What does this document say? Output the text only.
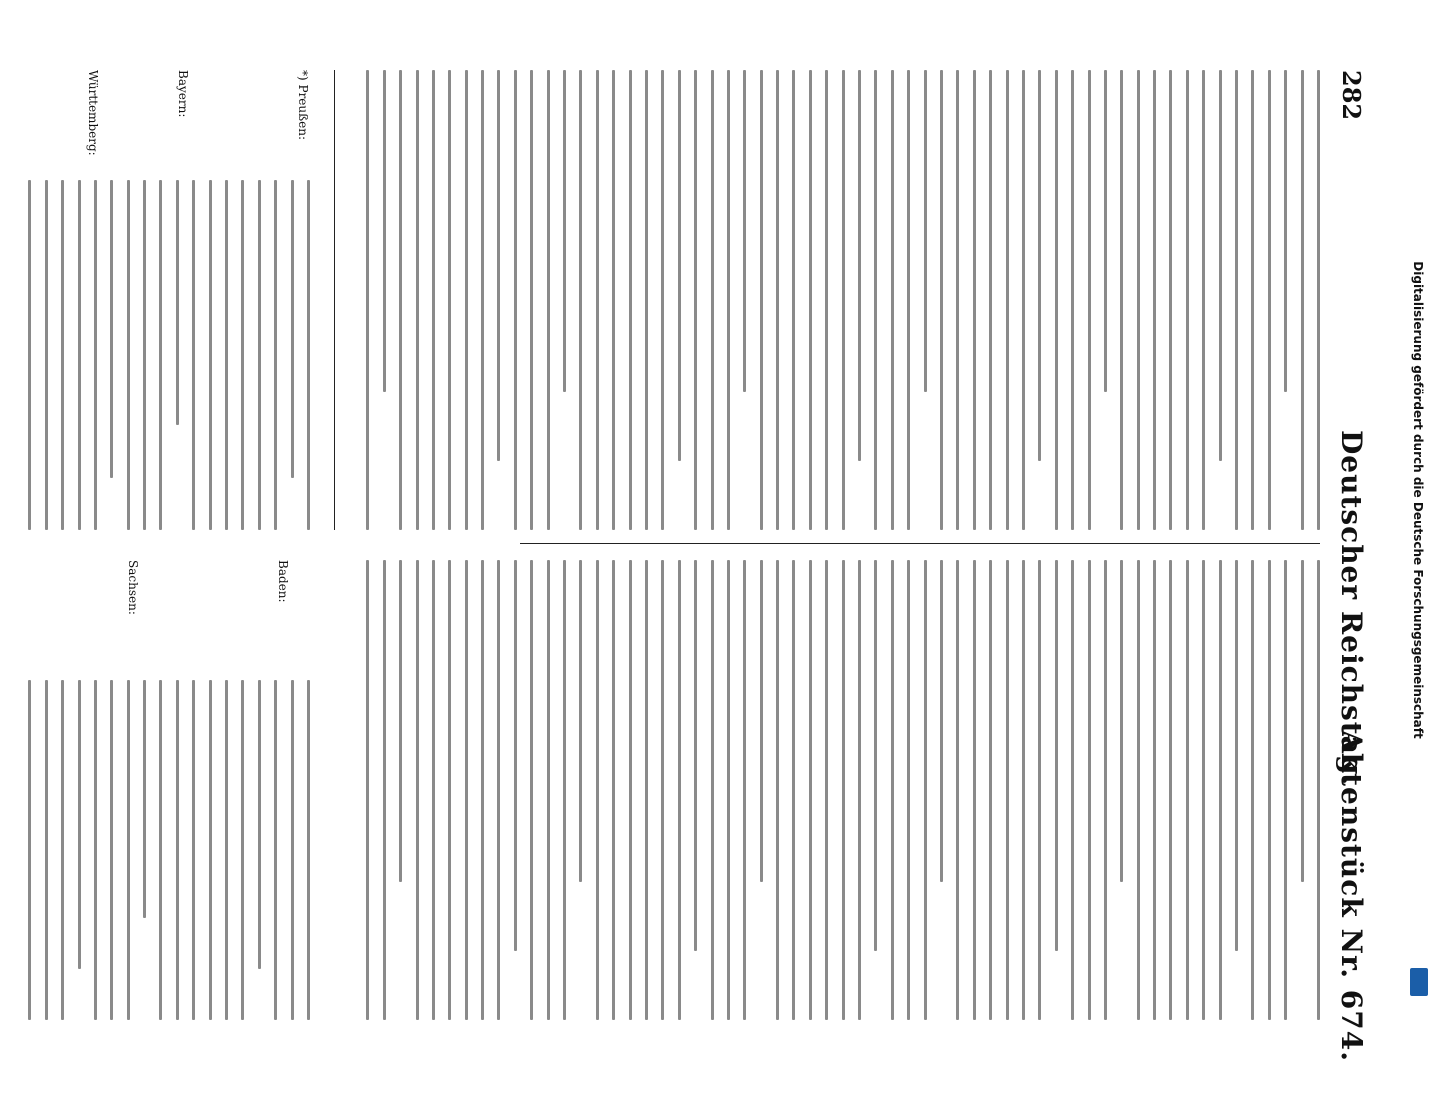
282
Deutscher Reichstag.
Aktenstück Nr. 674.
*) Preußen:
Bayern:
Württemberg:
Baden:
Sachsen:	Digitalisierung gefördert durch die Deutsche Forschungsgemeinschaft
